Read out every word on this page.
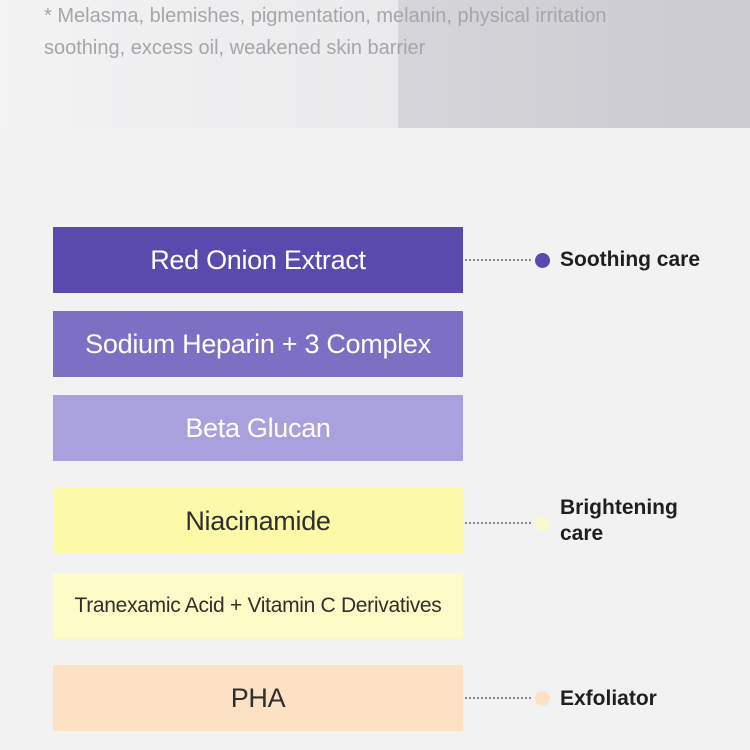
* Melasma, blemishes, pigmentation, melanin, physical irritation
soothing, excess oil, weakened skin barrier
Red Onion Extract
Sodium Heparin + 3 Complex
Beta Glucan
Niacinamide
Tranexamic Acid + Vitamin C Derivatives
PHA
Soothing care
Brightening care
Exfoliator
